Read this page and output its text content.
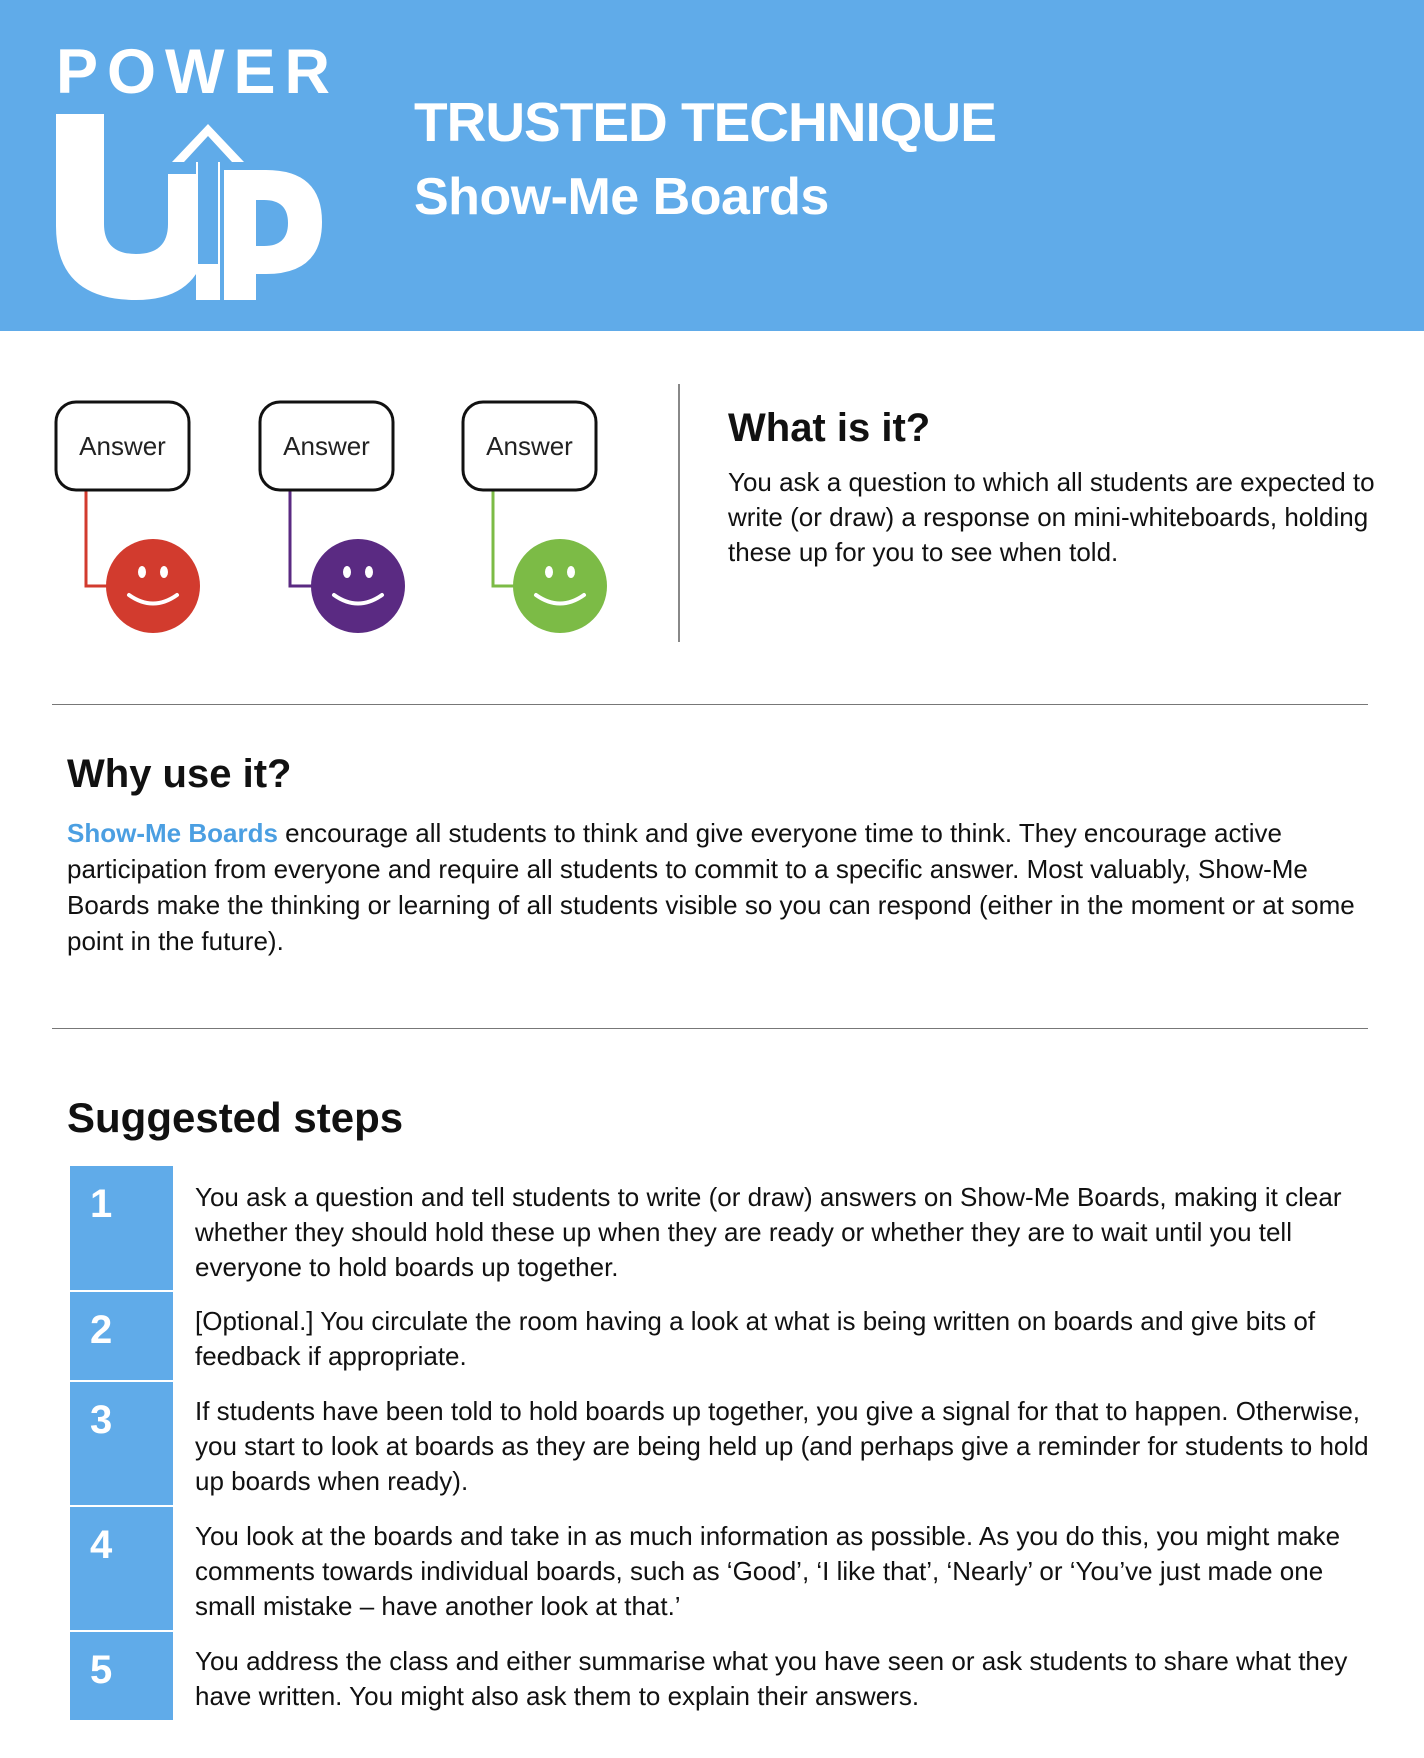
POWER
TRUSTED TECHNIQUE
Show-Me Boards
Answer	Answer	Answer	What is it?
You ask a question to which all students are expected to write (or draw) a response on mini-whiteboards, holding these up for you to see when told.
Why use it?
Show-Me Boards encourage all students to think and give everyone time to think. They encourage active participation from everyone and require all students to commit to a specific answer. Most valuably, Show-Me Boards make the thinking or learning of all students visible so you can respond (either in the moment or at some point in the future).
Suggested steps
1	You ask a question and tell students to write (or draw) answers on Show-Me Boards, making it clear whether they should hold these up when they are ready or whether they are to wait until you tell everyone to hold boards up together.
2	[Optional.] You circulate the room having a look at what is being written on boards and give bits of feedback if appropriate.
3	If students have been told to hold boards up together, you give a signal for that to happen. Otherwise, you start to look at boards as they are being held up (and perhaps give a reminder for students to hold up boards when ready).
4	You look at the boards and take in as much information as possible. As you do this, you might make comments towards individual boards, such as ‘Good’, ‘I like that’, ‘Nearly’ or ‘You’ve just made one small mistake – have another look at that.’
5	You address the class and either summarise what you have seen or ask students to share what they have written. You might also ask them to explain their answers.
